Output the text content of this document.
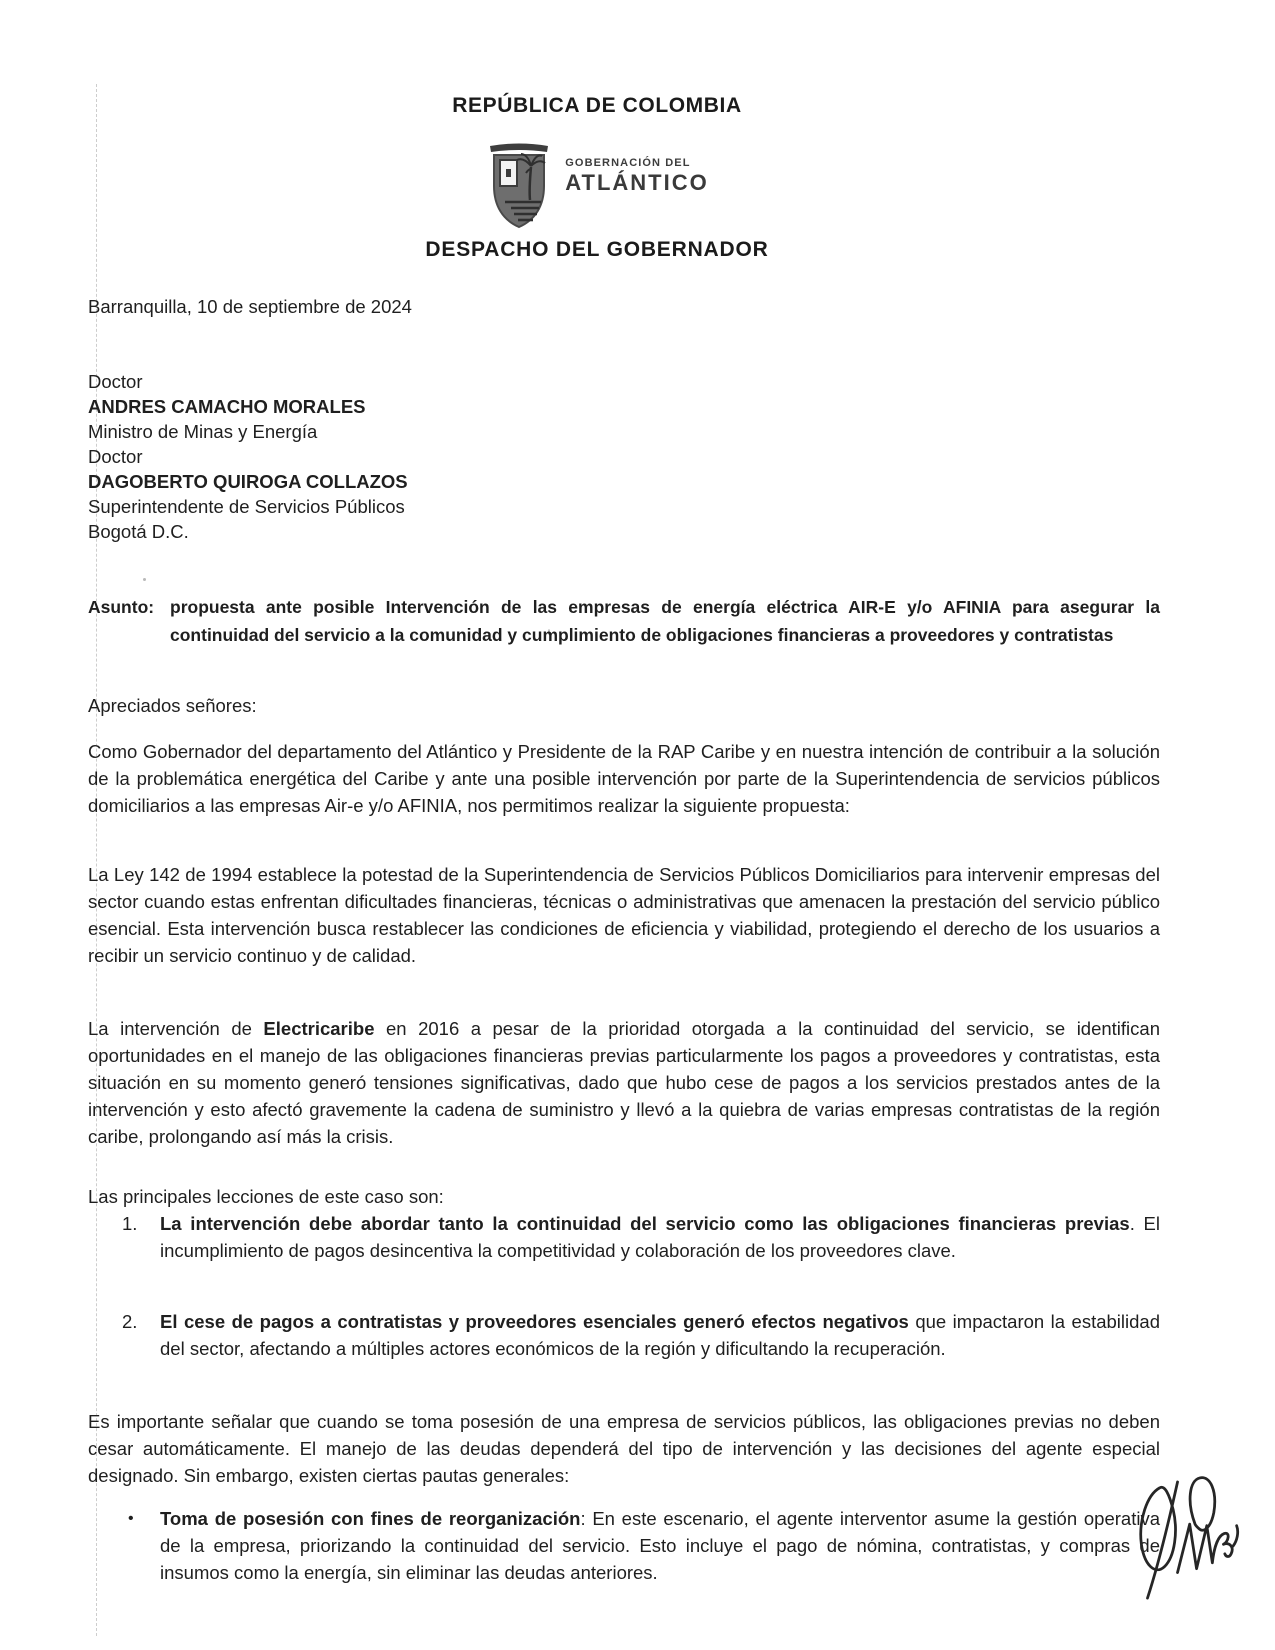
REPÚBLICA DE COLOMBIA
GOBERNACIÓN DEL
ATLÁNTICO
DESPACHO DEL GOBERNADOR
Barranquilla, 10 de septiembre de 2024
Doctor
ANDRES CAMACHO MORALES
Ministro de Minas y Energía
Doctor
DAGOBERTO QUIROGA COLLAZOS
Superintendente de Servicios Públicos
Bogotá D.C.
Asunto: propuesta ante posible Intervención de las empresas de energía eléctrica AIR-E y/o AFINIA para asegurar la continuidad del servicio a la comunidad y cumplimiento de obligaciones financieras a proveedores y contratistas
Apreciados señores:

Como Gobernador del departamento del Atlántico y Presidente de la RAP Caribe y en nuestra intención de contribuir a la solución de la problemática energética del Caribe y ante una posible intervención por parte de la Superintendencia de servicios públicos domiciliarios a las empresas Air-e y/o AFINIA, nos permitimos realizar la siguiente propuesta:

La Ley 142 de 1994 establece la potestad de la Superintendencia de Servicios Públicos Domiciliarios para intervenir empresas del sector cuando estas enfrentan dificultades financieras, técnicas o administrativas que amenacen la prestación del servicio público esencial. Esta intervención busca restablecer las condiciones de eficiencia y viabilidad, protegiendo el derecho de los usuarios a recibir un servicio continuo y de calidad.

La intervención de Electricaribe en 2016 a pesar de la prioridad otorgada a la continuidad del servicio, se identifican oportunidades en el manejo de las obligaciones financieras previas particularmente los pagos a proveedores y contratistas, esta situación en su momento generó tensiones significativas, dado que hubo cese de pagos a los servicios prestados antes de la intervención y esto afectó gravemente la cadena de suministro y llevó a la quiebra de varias empresas contratistas de la región caribe, prolongando así más la crisis.

Las principales lecciones de este caso son:
1.	La intervención debe abordar tanto la continuidad del servicio como las obligaciones financieras previas. El incumplimiento de pagos desincentiva la competitividad y colaboración de los proveedores clave.
2.	El cese de pagos a contratistas y proveedores esenciales generó efectos negativos que impactaron la estabilidad del sector, afectando a múltiples actores económicos de la región y dificultando la recuperación.

Es importante señalar que cuando se toma posesión de una empresa de servicios públicos, las obligaciones previas no deben cesar automáticamente. El manejo de las deudas dependerá del tipo de intervención y las decisiones del agente especial designado. Sin embargo, existen ciertas pautas generales:

•	Toma de posesión con fines de reorganización: En este escenario, el agente interventor asume la gestión operativa de la empresa, priorizando la continuidad del servicio. Esto incluye el pago de nómina, contratistas, y compras de insumos como la energía, sin eliminar las deudas anteriores.
